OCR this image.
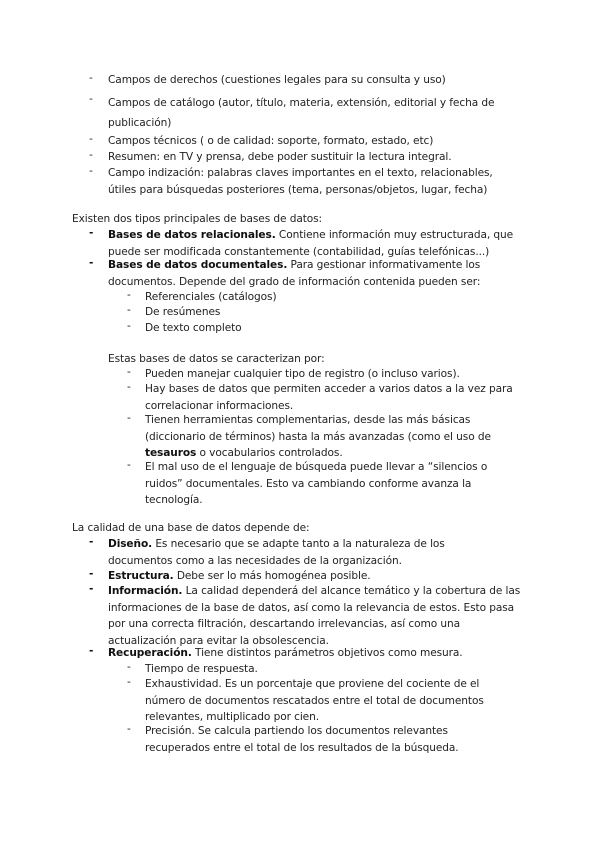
- Campos de derechos (cuestiones legales para su consulta y uso)
- Campos de catálogo (autor, título, materia, extensión, editorial y fecha de publicación)
- Campos técnicos ( o de calidad: soporte, formato, estado, etc)
- Resumen: en TV y prensa, debe poder sustituir la lectura integral.
- Campo indización: palabras claves importantes en el texto, relacionables, útiles para búsquedas posteriores (tema, personas/objetos, lugar, fecha)

Existen dos tipos principales de bases de datos:

- Bases de datos relacionales. Contiene información muy estructurada, que puede ser modificada constantemente (contabilidad, guías telefónicas...)
- Bases de datos documentales. Para gestionar informativamente los documentos. Depende del grado de información contenida pueden ser:
- Referenciales (catálogos)
- De resúmenes
- De texto completo

Estas bases de datos se caracterizan por:

- Pueden manejar cualquier tipo de registro (o incluso varios).
- Hay bases de datos que permiten acceder a varios datos a la vez para correlacionar informaciones.
- Tienen herramientas complementarias, desde las más básicas (diccionario de términos) hasta la más avanzadas (como el uso de tesauros o vocabularios controlados.
- El mal uso de el lenguaje de búsqueda puede llevar a “silencios o ruidos” documentales. Esto va cambiando conforme avanza la tecnología.

La calidad de una base de datos depende de:

- Diseño. Es necesario que se adapte tanto a la naturaleza de los documentos como a las necesidades de la organización.
- Estructura. Debe ser lo más homogénea posible.
- Información. La calidad dependerá del alcance temático y la cobertura de las informaciones de la base de datos, así como la relevancia de estos. Esto pasa por una correcta filtración, descartando irrelevancias, así como una actualización para evitar la obsolescencia.
- Recuperación. Tiene distintos parámetros objetivos como mesura.
- Tiempo de respuesta.
- Exhaustividad. Es un porcentaje que proviene del cociente de el número de documentos rescatados entre el total de documentos relevantes, multiplicado por cien.
- Precisión. Se calcula partiendo los documentos relevantes recuperados entre el total de los resultados de la búsqueda.
